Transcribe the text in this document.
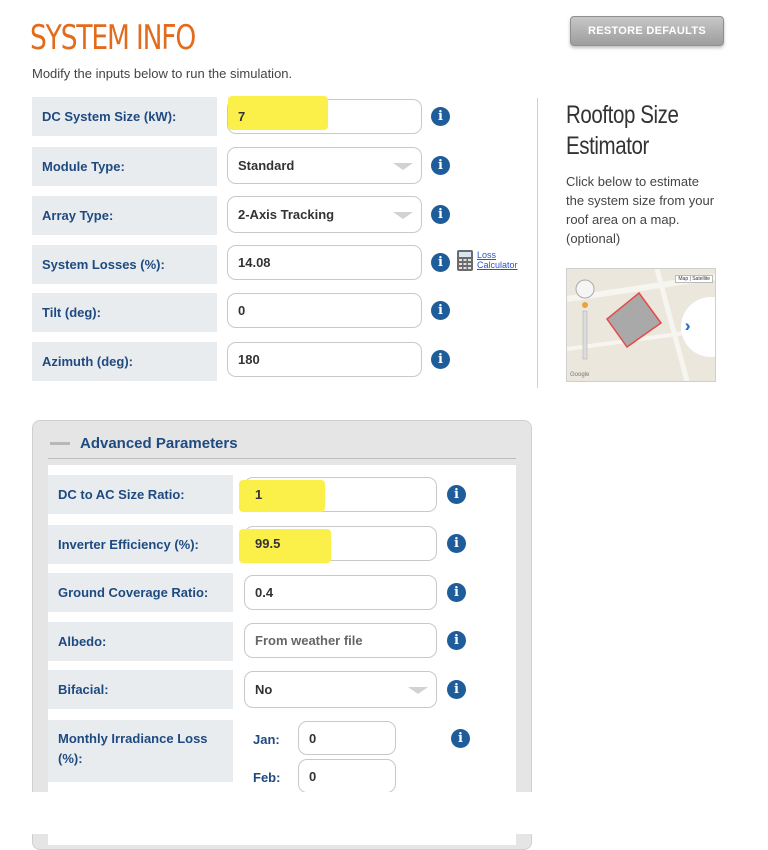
SYSTEM INFO
Modify the inputs below to run the simulation.
RESTORE DEFAULTS
DC System Size (kW):	7	i
Module Type:	Standard	i
Array Type:	2-Axis Tracking	i
System Losses (%):	14.08	i	Loss
Calculator
Tilt (deg):	0	i
Azimuth (deg):	180	i
Rooftop Size Estimator
Click below to estimate the system size from your roof area on a map. (optional)
Map | Satellite
Google
Advanced Parameters
DC to AC Size Ratio:	1	i
Inverter Efficiency (%):	99.5	i
Ground Coverage Ratio:	0.4	i
Albedo:	From weather file	i
Bifacial:	No	i
Monthly Irradiance Loss (%):
Jan:	0	i
Feb:	0
